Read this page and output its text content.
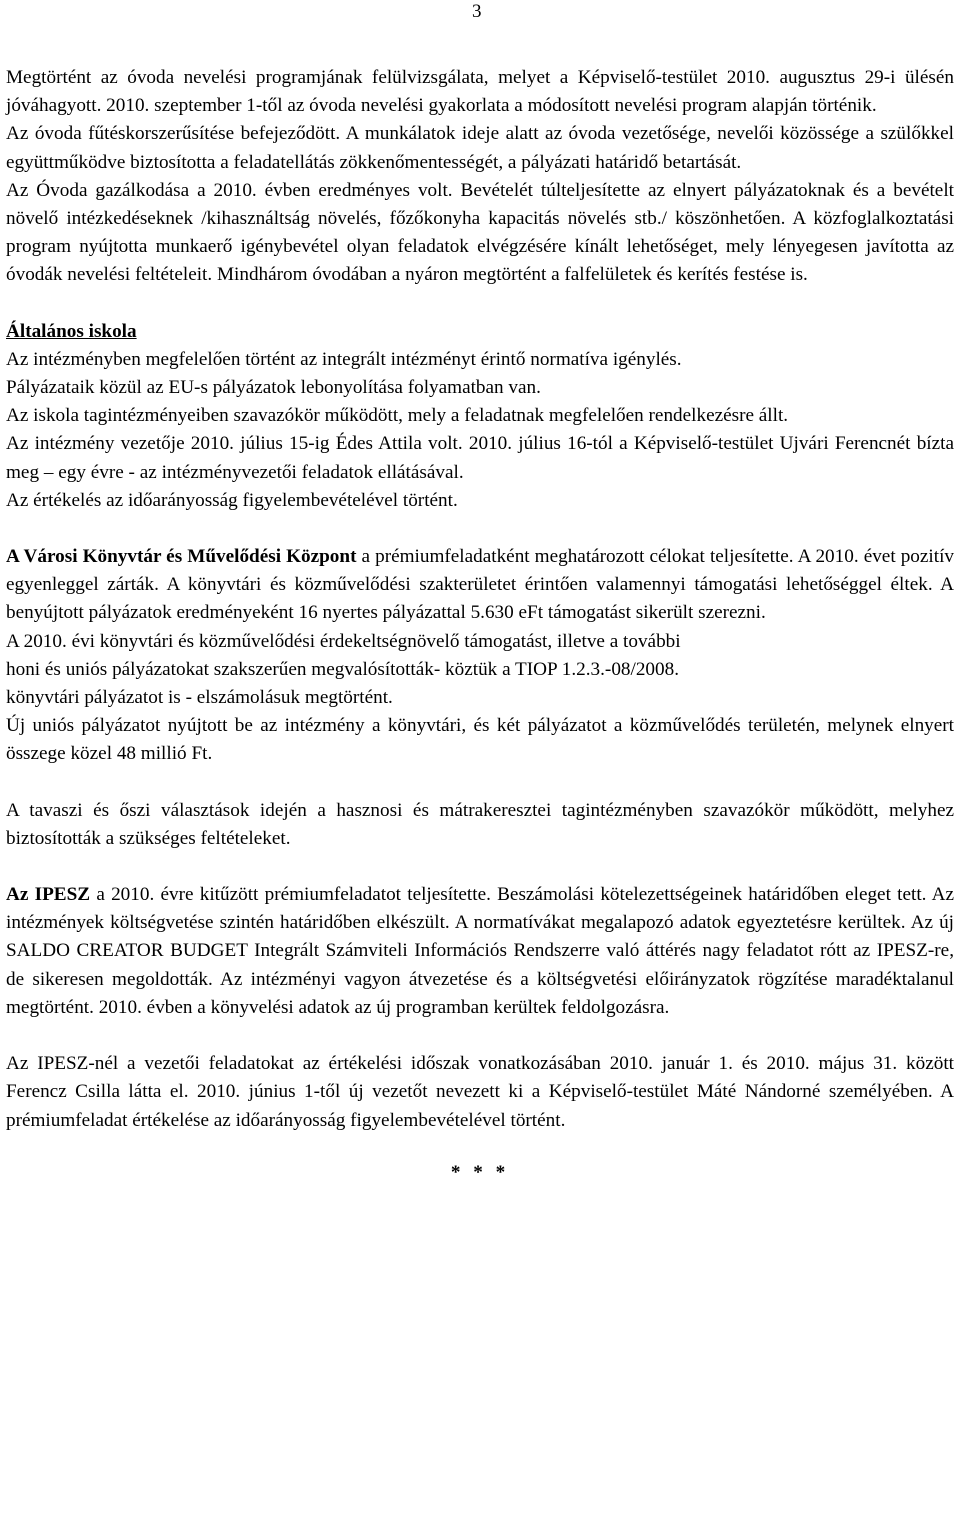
3

Megtörtént az óvoda nevelési programjának felülvizsgálata, melyet a Képviselő-testület 2010. augusztus 29-i ülésén jóváhagyott. 2010. szeptember 1-től az óvoda nevelési gyakorlata a módosított nevelési program alapján történik.

Az óvoda fűtéskorszerűsítése befejeződött. A munkálatok ideje alatt az óvoda vezetősége, nevelői közössége a szülőkkel együttműködve biztosította a feladatellátás zökkenőmentességét, a pályázati határidő betartását.

Az Óvoda gazálkodása a 2010. évben eredményes volt. Bevételét túlteljesítette az elnyert pályázatoknak és a bevételt növelő intézkedéseknek /kihasználtság növelés, főzőkonyha kapacitás növelés stb./ köszönhetően. A közfoglalkoztatási program nyújtotta munkaerő igénybevétel olyan feladatok elvégzésére kínált lehetőséget, mely lényegesen javította az óvodák nevelési feltételeit. Mindhárom óvodában a nyáron megtörtént a falfelületek és kerítés festése is.

Általános iskola

Az intézményben megfelelően történt az integrált intézményt érintő normatíva igénylés.

Pályázataik közül az EU-s pályázatok lebonyolítása folyamatban van.

Az iskola tagintézményeiben szavazókör működött, mely a feladatnak megfelelően rendelkezésre állt.

Az intézmény vezetője 2010. július 15-ig Édes Attila volt. 2010. július 16-tól a Képviselő-testület Ujvári Ferencnét bízta meg – egy évre - az intézményvezetői feladatok ellátásával.

Az értékelés az időarányosság figyelembevételével történt.

A Városi Könyvtár és Művelődési Központ a prémiumfeladatként meghatározott célokat teljesítette. A 2010. évet pozitív egyenleggel zárták. A könyvtári és közművelődési szakterületet érintően valamennyi támogatási lehetőséggel éltek. A benyújtott pályázatok eredményeként 16 nyertes pályázattal 5.630 eFt támogatást sikerült szerezni.

A 2010. évi könyvtári és közművelődési érdekeltségnövelő támogatást, illetve a további

honi és uniós pályázatokat szakszerűen megvalósították- köztük a TIOP 1.2.3.-08/2008.

könyvtári pályázatot is - elszámolásuk megtörtént.

Új uniós pályázatot nyújtott be az intézmény a könyvtári, és két pályázatot a közművelődés területén, melynek elnyert összege közel 48 millió Ft.

A tavaszi és őszi választások idején a hasznosi és mátrakeresztei tagintézményben szavazókör működött, melyhez biztosították a szükséges feltételeket.

Az IPESZ a 2010. évre kitűzött prémiumfeladatot teljesítette. Beszámolási kötelezettségeinek határidőben eleget tett. Az intézmények költségvetése szintén határidőben elkészült. A normatívákat megalapozó adatok egyeztetésre kerültek. Az új SALDO CREATOR BUDGET Integrált Számviteli Információs Rendszerre való áttérés nagy feladatot rótt az IPESZ-re, de sikeresen megoldották. Az intézményi vagyon átvezetése és a költségvetési előirányzatok rögzítése maradéktalanul megtörtént. 2010. évben a könyvelési adatok az új programban kerültek feldolgozásra.

Az IPESZ-nél a vezetői feladatokat az értékelési időszak vonatkozásában 2010. január 1. és 2010. május 31. között Ferencz Csilla látta el. 2010. június 1-től új vezetőt nevezett ki a Képviselő-testület Máté Nándorné személyében. A prémiumfeladat értékelése az időarányosság figyelembevételével történt.

* * *
